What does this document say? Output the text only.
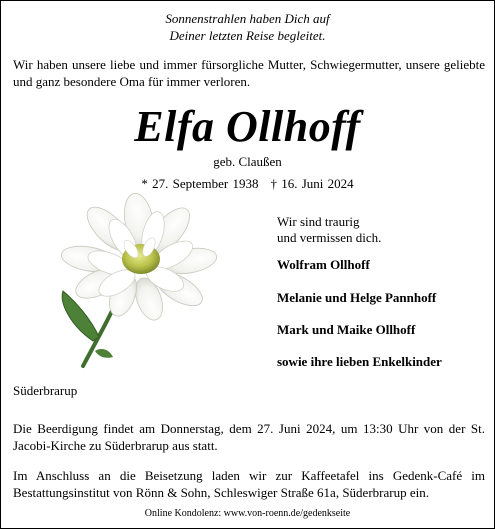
Sonnenstrahlen haben Dich auf
Deiner letzten Reise begleitet.
Wir haben unsere liebe und immer fürsorgliche Mutter, Schwiegermutter, unsere geliebte und ganz besondere Oma für immer verloren.
Elfa Ollhoff
geb. Claußen
* 27. September 1938 † 16. Juni 2024
Wir sind traurig
und vermissen dich.
Wolfram Ollhoff
Melanie und Helge Pannhoff
Mark und Maike Ollhoff
sowie ihre lieben Enkelkinder
Süderbrarup
Die Beerdigung findet am Donnerstag, dem 27. Juni 2024, um 13:30 Uhr von der St. Jacobi-Kirche zu Süderbrarup aus statt.
Im Anschluss an die Beisetzung laden wir zur Kaffeetafel ins Gedenk-Café im Bestattungsinstitut von Rönn & Sohn, Schleswiger Straße 61a, Süderbrarup ein.
Online Kondolenz: www.von-roenn.de/gedenkseite
